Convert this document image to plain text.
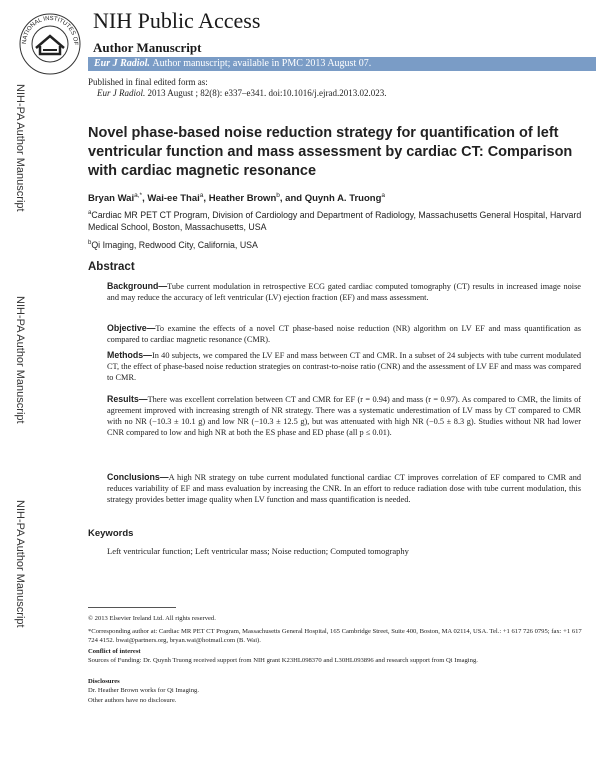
NATIONAL INSTITUTES OF
NIH Public Access
Author Manuscript
Eur J Radiol. Author manuscript; available in PMC 2013 August 07.
Published in final edited form as:
Eur J Radiol. 2013 August ; 82(8): e337–e341. doi:10.1016/j.ejrad.2013.02.023.
NIH-PA Author Manuscript
NIH-PA Author Manuscript
NIH-PA Author Manuscript
Novel phase-based noise reduction strategy for quantification of left ventricular function and mass assessment by cardiac CT: Comparison with cardiac magnetic resonance
Bryan Wai$^{a,*}$, Wai-ee Thai$^a$, Heather Brown$^b$, and Quynh A. Truong$^a$
$^a$Cardiac MR PET CT Program, Division of Cardiology and Department of Radiology, Massachusetts General Hospital, Harvard Medical School, Boston, Massachusetts, USA
$^b$Qi Imaging, Redwood City, California, USA
Abstract
Background—Tube current modulation in retrospective ECG gated cardiac computed tomography (CT) results in increased image noise and may reduce the accuracy of left ventricular (LV) ejection fraction (EF) and mass assessment.
Objective—To examine the effects of a novel CT phase-based noise reduction (NR) algorithm on LV EF and mass quantification as compared to cardiac magnetic resonance (CMR).
Methods—In 40 subjects, we compared the LV EF and mass between CT and CMR. In a subset of 24 subjects with tube current modulated CT, the effect of phase-based noise reduction strategies on contrast-to-noise ratio (CNR) and the assessment of LV EF and mass was compared to CMR.
Results—There was excellent correlation between CT and CMR for EF (r = 0.94) and mass (r = 0.97). As compared to CMR, the limits of agreement improved with increasing strength of NR strategy. There was a systematic underestimation of LV mass by CT compared to CMR with no NR (−10.3 ± 10.1 g) and low NR (−10.3 ± 12.5 g), but was attenuated with high NR (−0.5 ± 8.3 g). Studies without NR had lower CNR compared to low and high NR at both the ES phase and ED phase (all p ≤ 0.01).
Conclusions—A high NR strategy on tube current modulated functional cardiac CT improves correlation of EF compared to CMR and reduces variability of EF and mass evaluation by increasing the CNR. In an effort to reduce radiation dose with tube current modulation, this strategy provides better image quality when LV function and mass quantification is needed.
Keywords
Left ventricular function; Left ventricular mass; Noise reduction; Computed tomography
© 2013 Elsevier Ireland Ltd. All rights reserved.
*Corresponding author at: Cardiac MR PET CT Program, Massachusetts General Hospital, 165 Cambridge Street, Suite 400, Boston, MA 02114, USA. Tel.: +1 617 726 0795; fax: +1 617 724 4152. bwai@partners.org, bryan.wai@hotmail.com (B. Wai).
Conflict of interest
Sources of Funding: Dr. Quynh Truong received support from NIH grant K23HL098370 and L30HL093896 and research support from Qi Imaging.
Disclosures
Dr. Heather Brown works for Qi Imaging.
Other authors have no disclosure.
